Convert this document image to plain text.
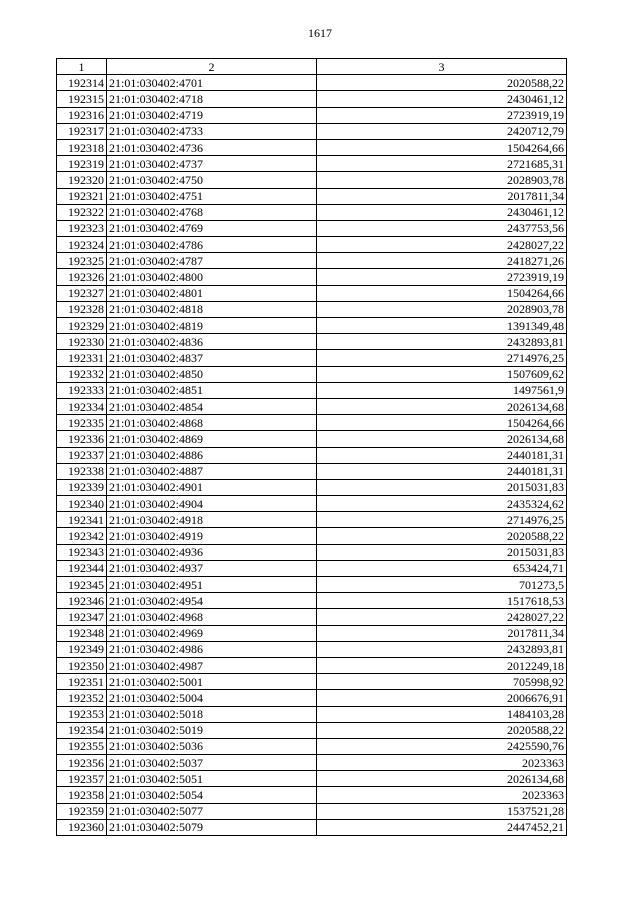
1617
1	2	3
192314	21:01:030402:4701	2020588,22
192315	21:01:030402:4718	2430461,12
192316	21:01:030402:4719	2723919,19
192317	21:01:030402:4733	2420712,79
192318	21:01:030402:4736	1504264,66
192319	21:01:030402:4737	2721685,31
192320	21:01:030402:4750	2028903,78
192321	21:01:030402:4751	2017811,34
192322	21:01:030402:4768	2430461,12
192323	21:01:030402:4769	2437753,56
192324	21:01:030402:4786	2428027,22
192325	21:01:030402:4787	2418271,26
192326	21:01:030402:4800	2723919,19
192327	21:01:030402:4801	1504264,66
192328	21:01:030402:4818	2028903,78
192329	21:01:030402:4819	1391349,48
192330	21:01:030402:4836	2432893,81
192331	21:01:030402:4837	2714976,25
192332	21:01:030402:4850	1507609,62
192333	21:01:030402:4851	1497561,9
192334	21:01:030402:4854	2026134,68
192335	21:01:030402:4868	1504264,66
192336	21:01:030402:4869	2026134,68
192337	21:01:030402:4886	2440181,31
192338	21:01:030402:4887	2440181,31
192339	21:01:030402:4901	2015031,83
192340	21:01:030402:4904	2435324,62
192341	21:01:030402:4918	2714976,25
192342	21:01:030402:4919	2020588,22
192343	21:01:030402:4936	2015031,83
192344	21:01:030402:4937	653424,71
192345	21:01:030402:4951	701273,5
192346	21:01:030402:4954	1517618,53
192347	21:01:030402:4968	2428027,22
192348	21:01:030402:4969	2017811,34
192349	21:01:030402:4986	2432893,81
192350	21:01:030402:4987	2012249,18
192351	21:01:030402:5001	705998,92
192352	21:01:030402:5004	2006676,91
192353	21:01:030402:5018	1484103,28
192354	21:01:030402:5019	2020588,22
192355	21:01:030402:5036	2425590,76
192356	21:01:030402:5037	2023363
192357	21:01:030402:5051	2026134,68
192358	21:01:030402:5054	2023363
192359	21:01:030402:5077	1537521,28
192360	21:01:030402:5079	2447452,21
